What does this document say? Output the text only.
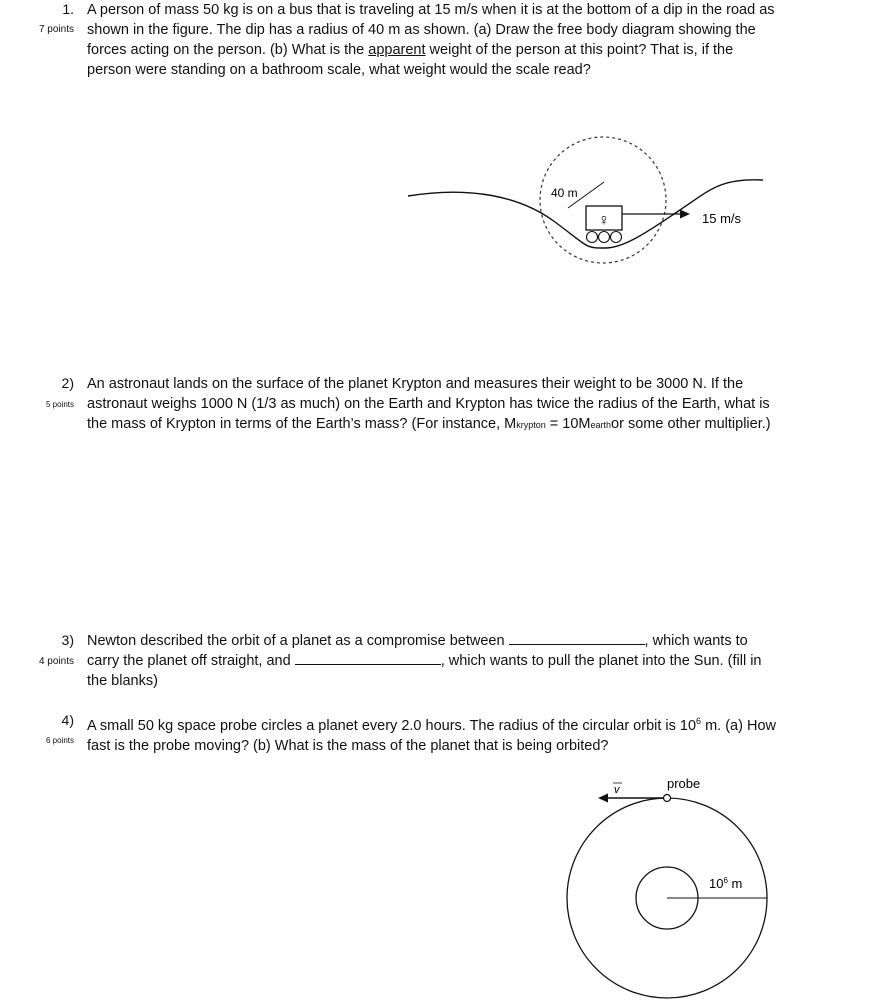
1.
7 points
A person of mass 50 kg is on a bus that is traveling at 15 m/s when it is at the bottom of a dip in the road as
shown in the figure. The dip has a radius of 40 m as shown. (a) Draw the free body diagram showing the
forces acting on the person. (b) What is the apparent weight of the person at this point? That is, if the
person were standing on a bathroom scale, what weight would the scale read?
40 m
♀	15 m/s
2)
5 points
An astronaut lands on the surface of the planet Krypton and measures their weight to be 3000 N. If the
astronaut weighs 1000 N (1/3 as much) on the Earth and Krypton has twice the radius of the Earth, what is
the mass of Krypton in terms of the Earth’s mass? (For instance, Mkrypton = 10Mearthor some other multiplier.)
3)
4 points
Newton described the orbit of a planet as a compromise between	, which wants to
carry the planet off straight, and	, which wants to pull the planet into the Sun. (fill in
the blanks)
4)
6 points
A small 50 kg space probe circles a planet every 2.0 hours. The radius of the circular orbit is $10^6$ m. (a) How
fast is the probe moving? (b) What is the mass of the planet that is being orbited?
$10^6$ m
v	probe
